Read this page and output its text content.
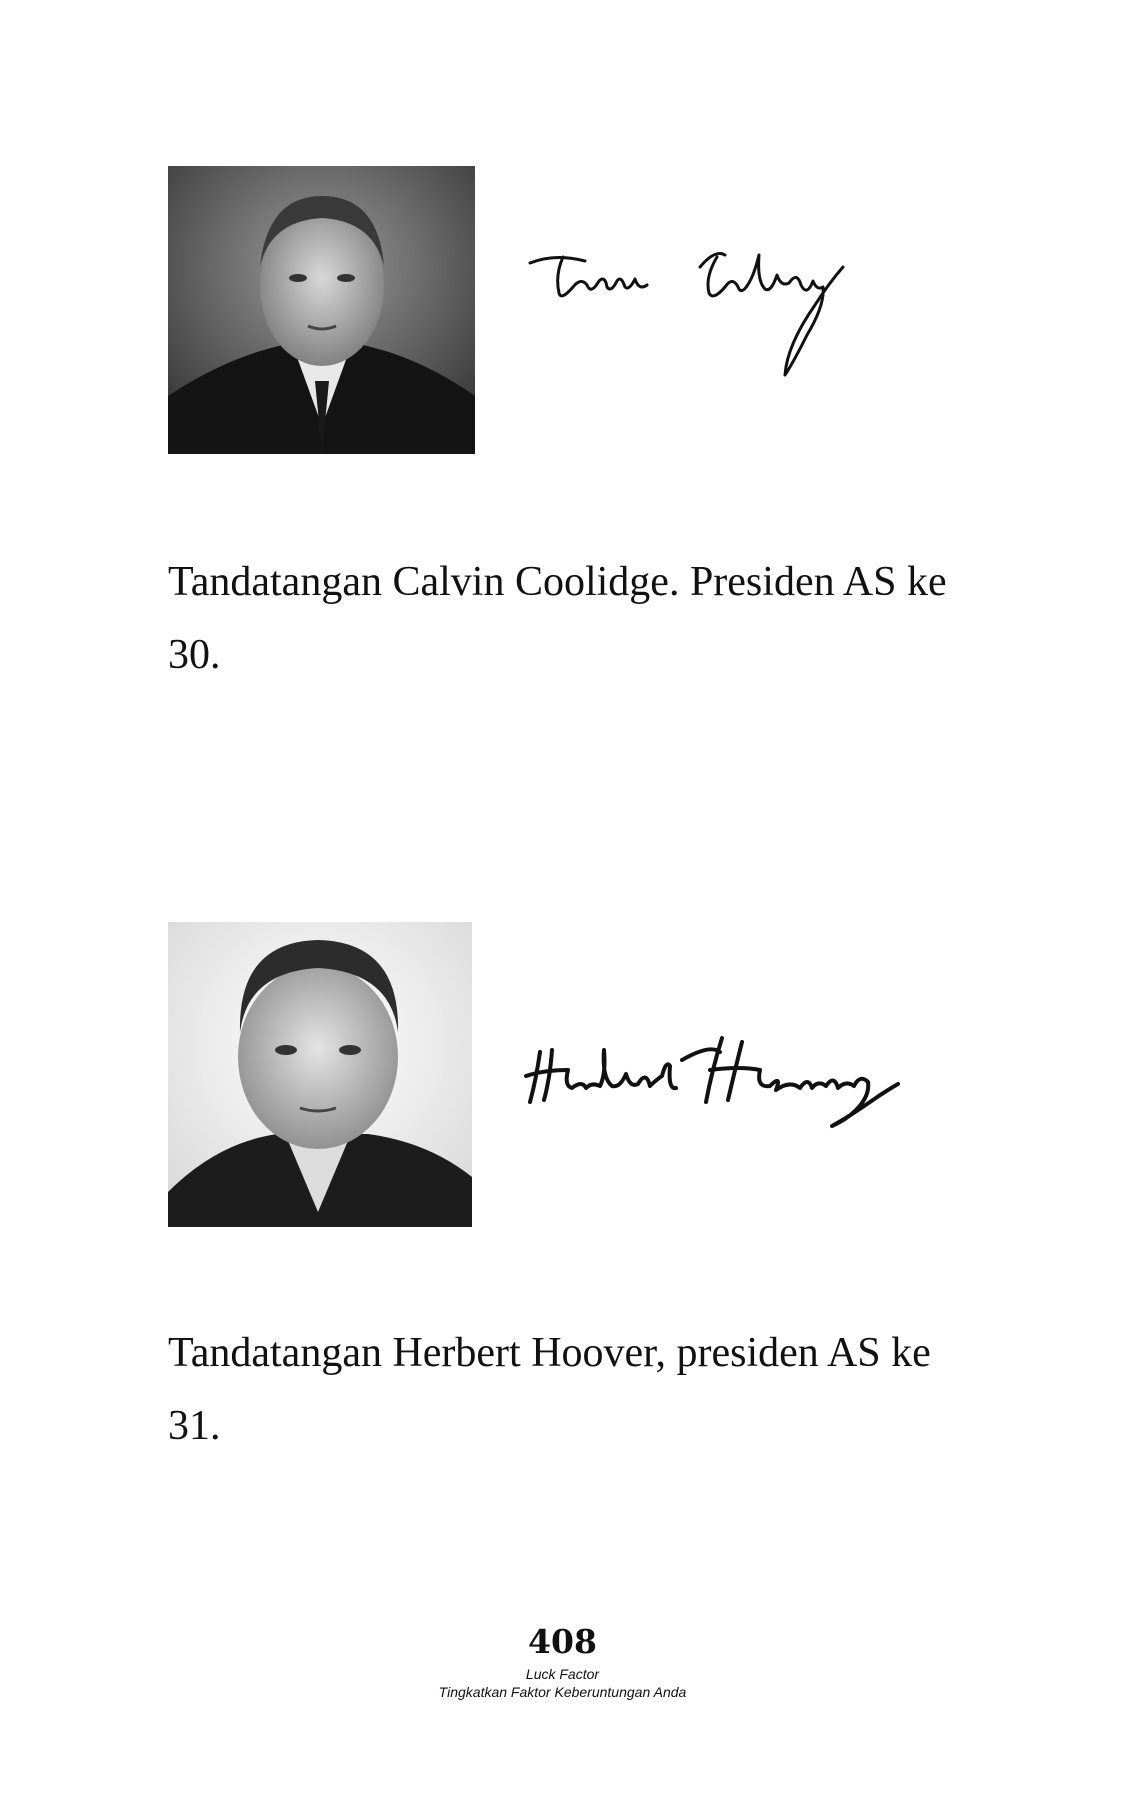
Tandatangan Calvin Coolidge. Presiden AS ke
30.

Tandatangan Herbert Hoover, presiden AS ke
31.

408
Luck Factor
Tingkatkan Faktor Keberuntungan Anda
